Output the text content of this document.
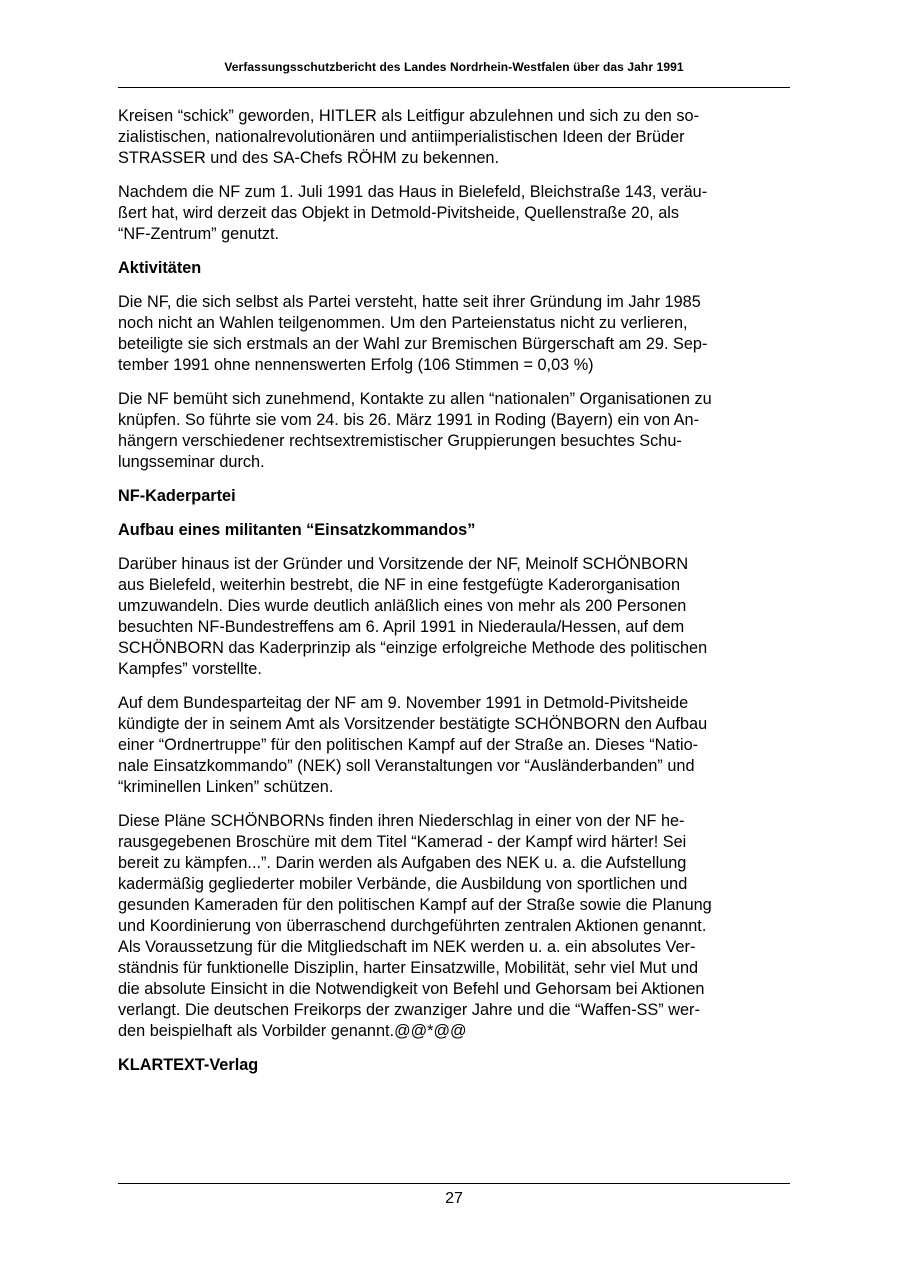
Verfassungsschutzbericht des Landes Nordrhein-Westfalen über das Jahr 1991

Kreisen “schick” geworden, HITLER als Leitfigur abzulehnen und sich zu den so-
zialistischen, nationalrevolutionären und antiimperialistischen Ideen der Brüder
STRASSER und des SA-Chefs RÖHM zu bekennen.

Nachdem die NF zum 1. Juli 1991 das Haus in Bielefeld, Bleichstraße 143, veräu-
ßert hat, wird derzeit das Objekt in Detmold-Pivitsheide, Quellenstraße 20, als
“NF-Zentrum” genutzt.

Aktivitäten

Die NF, die sich selbst als Partei versteht, hatte seit ihrer Gründung im Jahr 1985
noch nicht an Wahlen teilgenommen. Um den Parteienstatus nicht zu verlieren,
beteiligte sie sich erstmals an der Wahl zur Bremischen Bürgerschaft am 29. Sep-
tember 1991 ohne nennenswerten Erfolg (106 Stimmen = 0,03 %)

Die NF bemüht sich zunehmend, Kontakte zu allen “nationalen” Organisationen zu
knüpfen. So führte sie vom 24. bis 26. März 1991 in Roding (Bayern) ein von An-
hängern verschiedener rechtsextremistischer Gruppierungen besuchtes Schu-
lungsseminar durch.

NF-Kaderpartei
Aufbau eines militanten “Einsatzkommandos”

Darüber hinaus ist der Gründer und Vorsitzende der NF, Meinolf SCHÖNBORN
aus Bielefeld, weiterhin bestrebt, die NF in eine festgefügte Kaderorganisation
umzuwandeln. Dies wurde deutlich anläßlich eines von mehr als 200 Personen
besuchten NF-Bundestreffens am 6. April 1991 in Niederaula/Hessen, auf dem
SCHÖNBORN das Kaderprinzip als “einzige erfolgreiche Methode des politischen
Kampfes” vorstellte.

Auf dem Bundesparteitag der NF am 9. November 1991 in Detmold-Pivitsheide
kündigte der in seinem Amt als Vorsitzender bestätigte SCHÖNBORN den Aufbau
einer “Ordnertruppe” für den politischen Kampf auf der Straße an. Dieses “Natio-
nale Einsatzkommando” (NEK) soll Veranstaltungen vor “Ausländerbanden” und
“kriminellen Linken” schützen.

Diese Pläne SCHÖNBORNs finden ihren Niederschlag in einer von der NF he-
rausgegebenen Broschüre mit dem Titel “Kamerad - der Kampf wird härter! Sei
bereit zu kämpfen...”. Darin werden als Aufgaben des NEK u. a. die Aufstellung
kadermäßig gegliederter mobiler Verbände, die Ausbildung von sportlichen und
gesunden Kameraden für den politischen Kampf auf der Straße sowie die Planung
und Koordinierung von überraschend durchgeführten zentralen Aktionen genannt.
Als Voraussetzung für die Mitgliedschaft im NEK werden u. a. ein absolutes Ver-
ständnis für funktionelle Disziplin, harter Einsatzwille, Mobilität, sehr viel Mut und
die absolute Einsicht in die Notwendigkeit von Befehl und Gehorsam bei Aktionen
verlangt. Die deutschen Freikorps der zwanziger Jahre und die “Waffen-SS” wer-
den beispielhaft als Vorbilder genannt.@@*@@

KLARTEXT-Verlag
27
